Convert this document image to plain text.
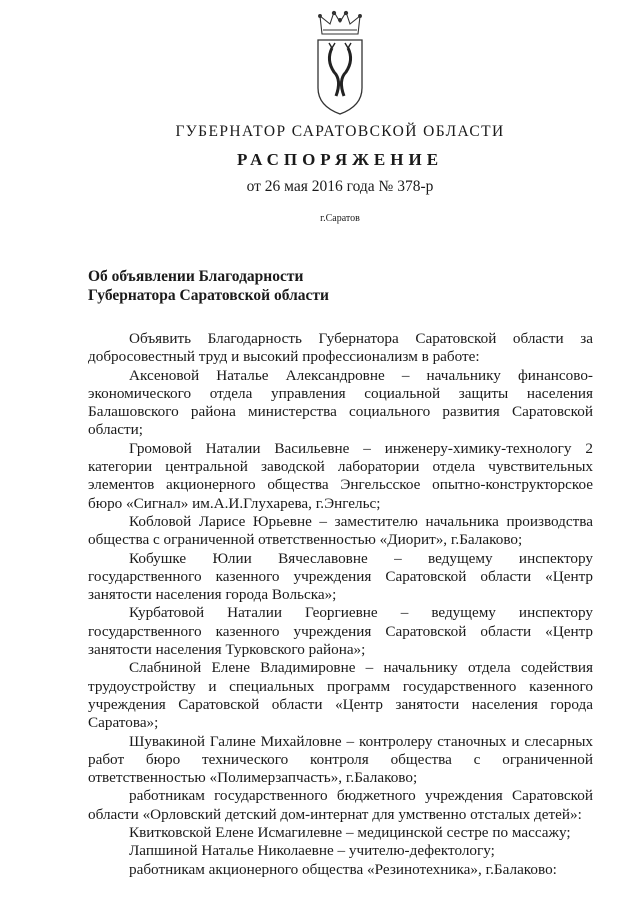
ГУБЕРНАТОР САРАТОВСКОЙ ОБЛАСТИ
РАСПОРЯЖЕНИЕ
от 26 мая 2016 года № 378-р
г.Саратов
Об объявлении Благодарности
Губернатора Саратовской области

Объявить Благодарность Губернатора Саратовской области за добросовестный труд и высокий профессионализм в работе:

Аксеновой Наталье Александровне – начальнику финансово-экономического отдела управления социальной защиты населения Балашовского района министерства социального развития Саратовской области;

Громовой Наталии Васильевне – инженеру-химику-технологу 2 категории центральной заводской лаборатории отдела чувствительных элементов акционерного общества Энгельсское опытно-конструкторское бюро «Сигнал» им.А.И.Глухарева, г.Энгельс;

Кобловой Ларисе Юрьевне – заместителю начальника производства общества с ограниченной ответственностью «Диорит», г.Балаково;

Кобушке Юлии Вячеславовне – ведущему инспектору государственного казенного учреждения Саратовской области «Центр занятости населения города Вольска»;

Курбатовой Наталии Георгиевне – ведущему инспектору государственного казенного учреждения Саратовской области «Центр занятости населения Турковского района»;

Слабниной Елене Владимировне – начальнику отдела содействия трудоустройству и специальных программ государственного казенного учреждения Саратовской области «Центр занятости населения города Саратова»;

Шувакиной Галине Михайловне – контролеру станочных и слесарных работ бюро технического контроля общества с ограниченной ответственностью «Полимерзапчасть», г.Балаково;

работникам государственного бюджетного учреждения Саратовской области «Орловский детский дом-интернат для умственно отсталых детей»:

Квитковской Елене Исмагилевне – медицинской сестре по массажу;

Лапшиной Наталье Николаевне – учителю-дефектологу;

работникам акционерного общества «Резинотехника», г.Балаково:
